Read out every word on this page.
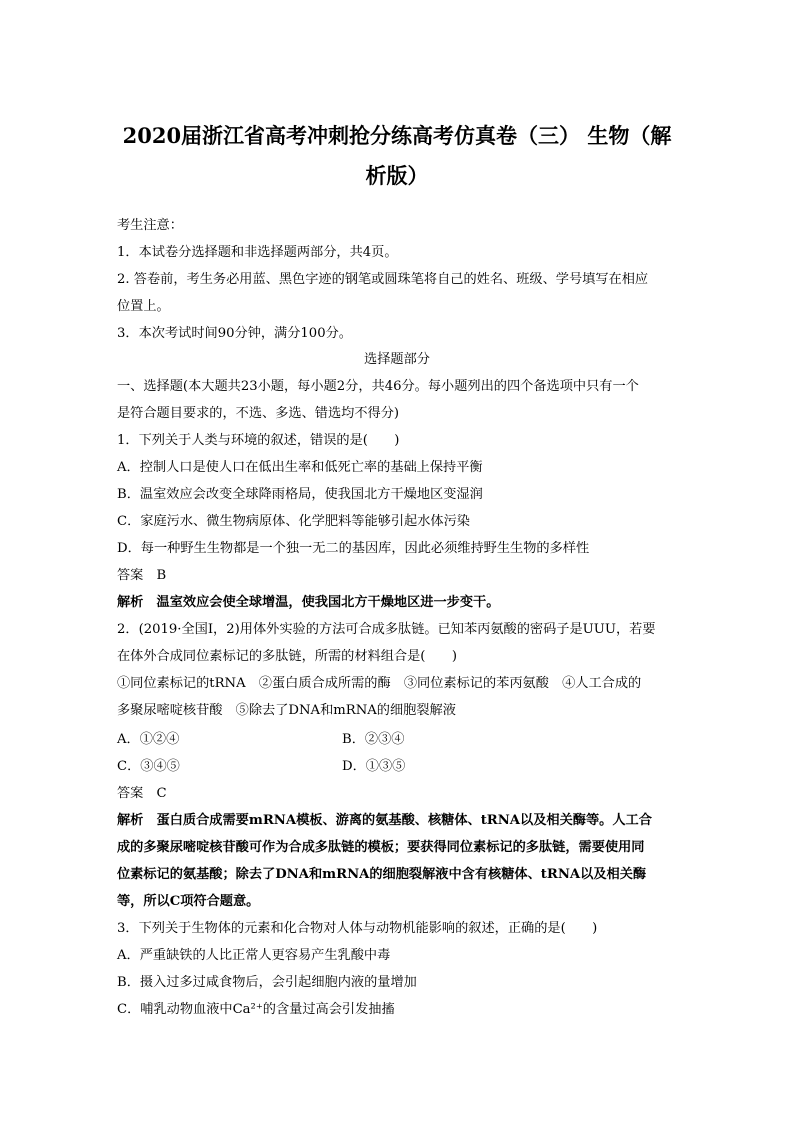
2020届浙江省高考冲刺抢分练高考仿真卷（三） 生物（解
析版）
考生注意：
1．本试卷分选择题和非选择题两部分，共4页。
2. 答卷前，考生务必用蓝、黑色字迹的钢笔或圆珠笔将自己的姓名、班级、学号填写在相应
位置上。
3．本次考试时间90分钟，满分100分。
选择题部分
一、选择题(本大题共23小题，每小题2分，共46分。每小题列出的四个备选项中只有一个
是符合题目要求的，不选、多选、错选均不得分)
1．下列关于人类与环境的叙述，错误的是(　　)
A．控制人口是使人口在低出生率和低死亡率的基础上保持平衡
B．温室效应会改变全球降雨格局，使我国北方干燥地区变湿润
C．家庭污水、微生物病原体、化学肥料等能够引起水体污染
D．每一种野生生物都是一个独一无二的基因库，因此必须维持野生生物的多样性
答案　B
解析　温室效应会使全球增温，使我国北方干燥地区进一步变干。
2．(2019·全国Ⅰ，2)用体外实验的方法可合成多肽链。已知苯丙氨酸的密码子是UUU，若要
在体外合成同位素标记的多肽链，所需的材料组合是(　　)
①同位素标记的tRNA　②蛋白质合成所需的酶　③同位素标记的苯丙氨酸　④人工合成的
多聚尿嘧啶核苷酸　⑤除去了DNA和mRNA的细胞裂解液
A．①②④	B．②③④
C．③④⑤	D．①③⑤
答案　C
解析　蛋白质合成需要mRNA模板、游离的氨基酸、核糖体、tRNA以及相关酶等。人工合
成的多聚尿嘧啶核苷酸可作为合成多肽链的模板；要获得同位素标记的多肽链，需要使用同
位素标记的氨基酸；除去了DNA和mRNA的细胞裂解液中含有核糖体、tRNA以及相关酶
等，所以C项符合题意。
3．下列关于生物体的元素和化合物对人体与动物机能影响的叙述，正确的是(　　)
A．严重缺铁的人比正常人更容易产生乳酸中毒
B．摄入过多过咸食物后，会引起细胞内液的量增加
C．哺乳动物血液中Ca²⁺的含量过高会引发抽搐
